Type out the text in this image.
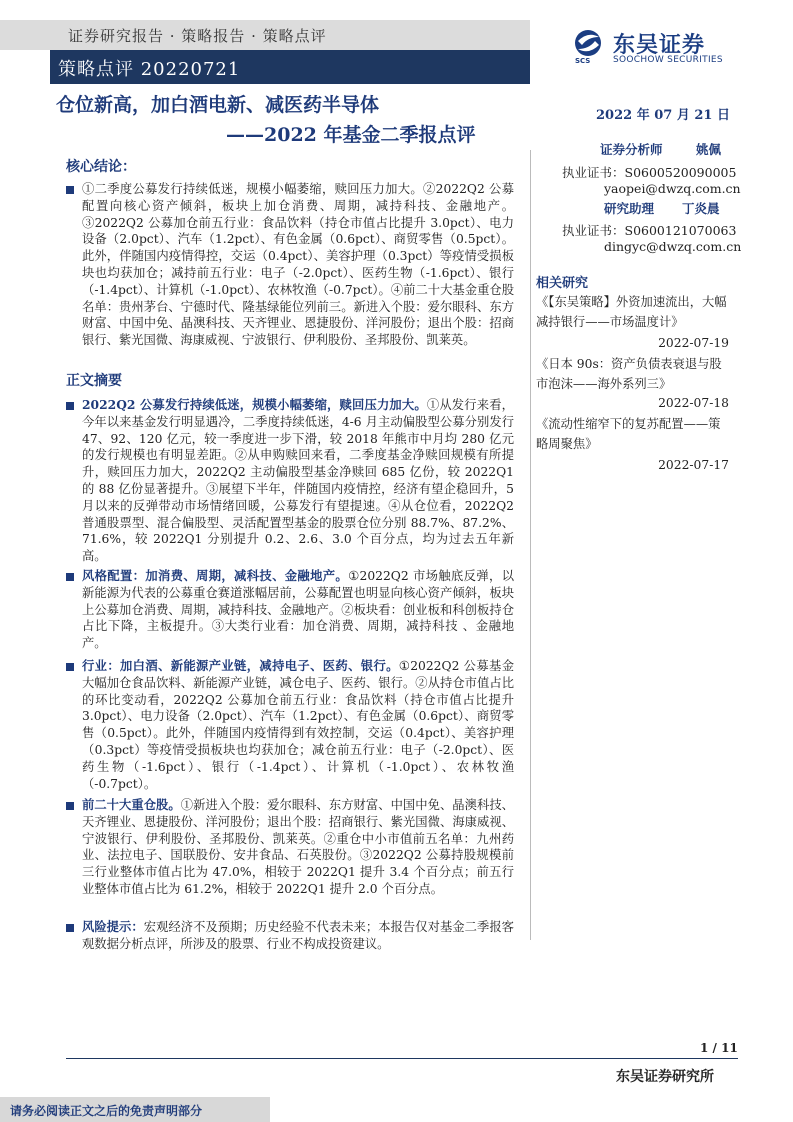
证券研究报告 · 策略报告 · 策略点评
策略点评 20220721
东吴证券
SOOCHOW SECURITIES
SCS
仓位新高，加白酒电新、减医药半导体
——2022 年基金二季报点评
2022 年 07 月 21 日
证券分析师	姚佩
执业证书：S0600520090005
yaopei@dwzq.com.cn
研究助理 丁炎晨
执业证书：S0600121070063
dingyc@dwzq.com.cn
相关研究
《【东吴策略】外资加速流出，大幅减持银行——市场温度计》
2022-07-19
《日本 90s：资产负债表衰退与股市泡沫——海外系列三》
2022-07-18
《流动性缩窄下的复苏配置——策略周聚焦》
2022-07-17
核心结论：
①二季度公募发行持续低迷，规模小幅萎缩，赎回压力加大。②2022Q2 公募配置向核心资产倾斜，板块上加仓消费、周期，减持科技、金融地产。③2022Q2 公募加仓前五行业：食品饮料（持仓市值占比提升 3.0pct）、电力设备（2.0pct）、汽车（1.2pct）、有色金属（0.6pct）、商贸零售（0.5pct）。此外，伴随国内疫情得控，交运（0.4pct）、美容护理（0.3pct）等疫情受损板块也均获加仓；减持前五行业：电子（-2.0pct）、医药生物（-1.6pct）、银行（-1.4pct）、计算机（-1.0pct）、农林牧渔（-0.7pct）。④前二十大基金重仓股名单：贵州茅台、宁德时代、隆基绿能位列前三。新进入个股：爱尔眼科、东方财富、中国中免、晶澳科技、天齐锂业、恩捷股份、洋河股份；退出个股：招商银行、紫光国微、海康威视、宁波银行、伊利股份、圣邦股份、凯莱英。
正文摘要
2022Q2 公募发行持续低迷，规模小幅萎缩，赎回压力加大。①从发行来看，今年以来基金发行明显遇冷，二季度持续低迷，4-6 月主动偏股型公募分别发行 47、92、120 亿元，较一季度进一步下滑，较 2018 年熊市中月均 280 亿元的发行规模也有明显差距。②从申购赎回来看，二季度基金净赎回规模有所提升，赎回压力加大，2022Q2 主动偏股型基金净赎回 685 亿份，较 2022Q1 的 88 亿份显著提升。③展望下半年，伴随国内疫情控，经济有望企稳回升，5 月以来的反弹带动市场情绪回暖，公募发行有望提速。④从仓位看，2022Q2 普通股票型、混合偏股型、灵活配置型基金的股票仓位分别 88.7%、87.2%、71.6%，较 2022Q1 分别提升 0.2、2.6、3.0 个百分点，均为过去五年新高。
风格配置：加消费、周期，减科技、金融地产。①2022Q2 市场触底反弹，以新能源为代表的公募重仓赛道涨幅居前，公募配置也明显向核心资产倾斜，板块上公募加仓消费、周期，减持科技、金融地产。②板块看：创业板和科创板持仓占比下降，主板提升。③大类行业看：加仓消费、周期，减持科技 、金融地产。
行业：加白酒、新能源产业链，减持电子、医药、银行。①2022Q2 公募基金大幅加仓食品饮料、新能源产业链，减仓电子、医药、银行。②从持仓市值占比的环比变动看，2022Q2 公募加仓前五行业：食品饮料（持仓市值占比提升 3.0pct）、电力设备（2.0pct）、汽车（1.2pct）、有色金属（0.6pct）、商贸零售（0.5pct）。此外，伴随国内疫情得到有效控制，交运（0.4pct）、美容护理（0.3pct）等疫情受损板块也均获加仓；减仓前五行业：电子（-2.0pct）、医药生物（-1.6pct）、银行（-1.4pct）、计算机（-1.0pct）、农林牧渔（-0.7pct）。
前二十大重仓股。①新进入个股：爱尔眼科、东方财富、中国中免、晶澳科技、天齐锂业、恩捷股份、洋河股份；退出个股：招商银行、紫光国微、海康威视、宁波银行、伊利股份、圣邦股份、凯莱英。②重仓中小市值前五名单：九州药业、法拉电子、国联股份、安井食品、石英股份。③2022Q2 公募持股规模前三行业整体市值占比为 47.0%，相较于 2022Q1 提升 3.4 个百分点；前五行业整体市值占比为 61.2%，相较于 2022Q1 提升 2.0 个百分点。
风险提示：宏观经济不及预期；历史经验不代表未来；本报告仅对基金二季报客观数据分析点评，所涉及的股票、行业不构成投资建议。
1 / 11
东吴证券研究所
请务必阅读正文之后的免责声明部分
